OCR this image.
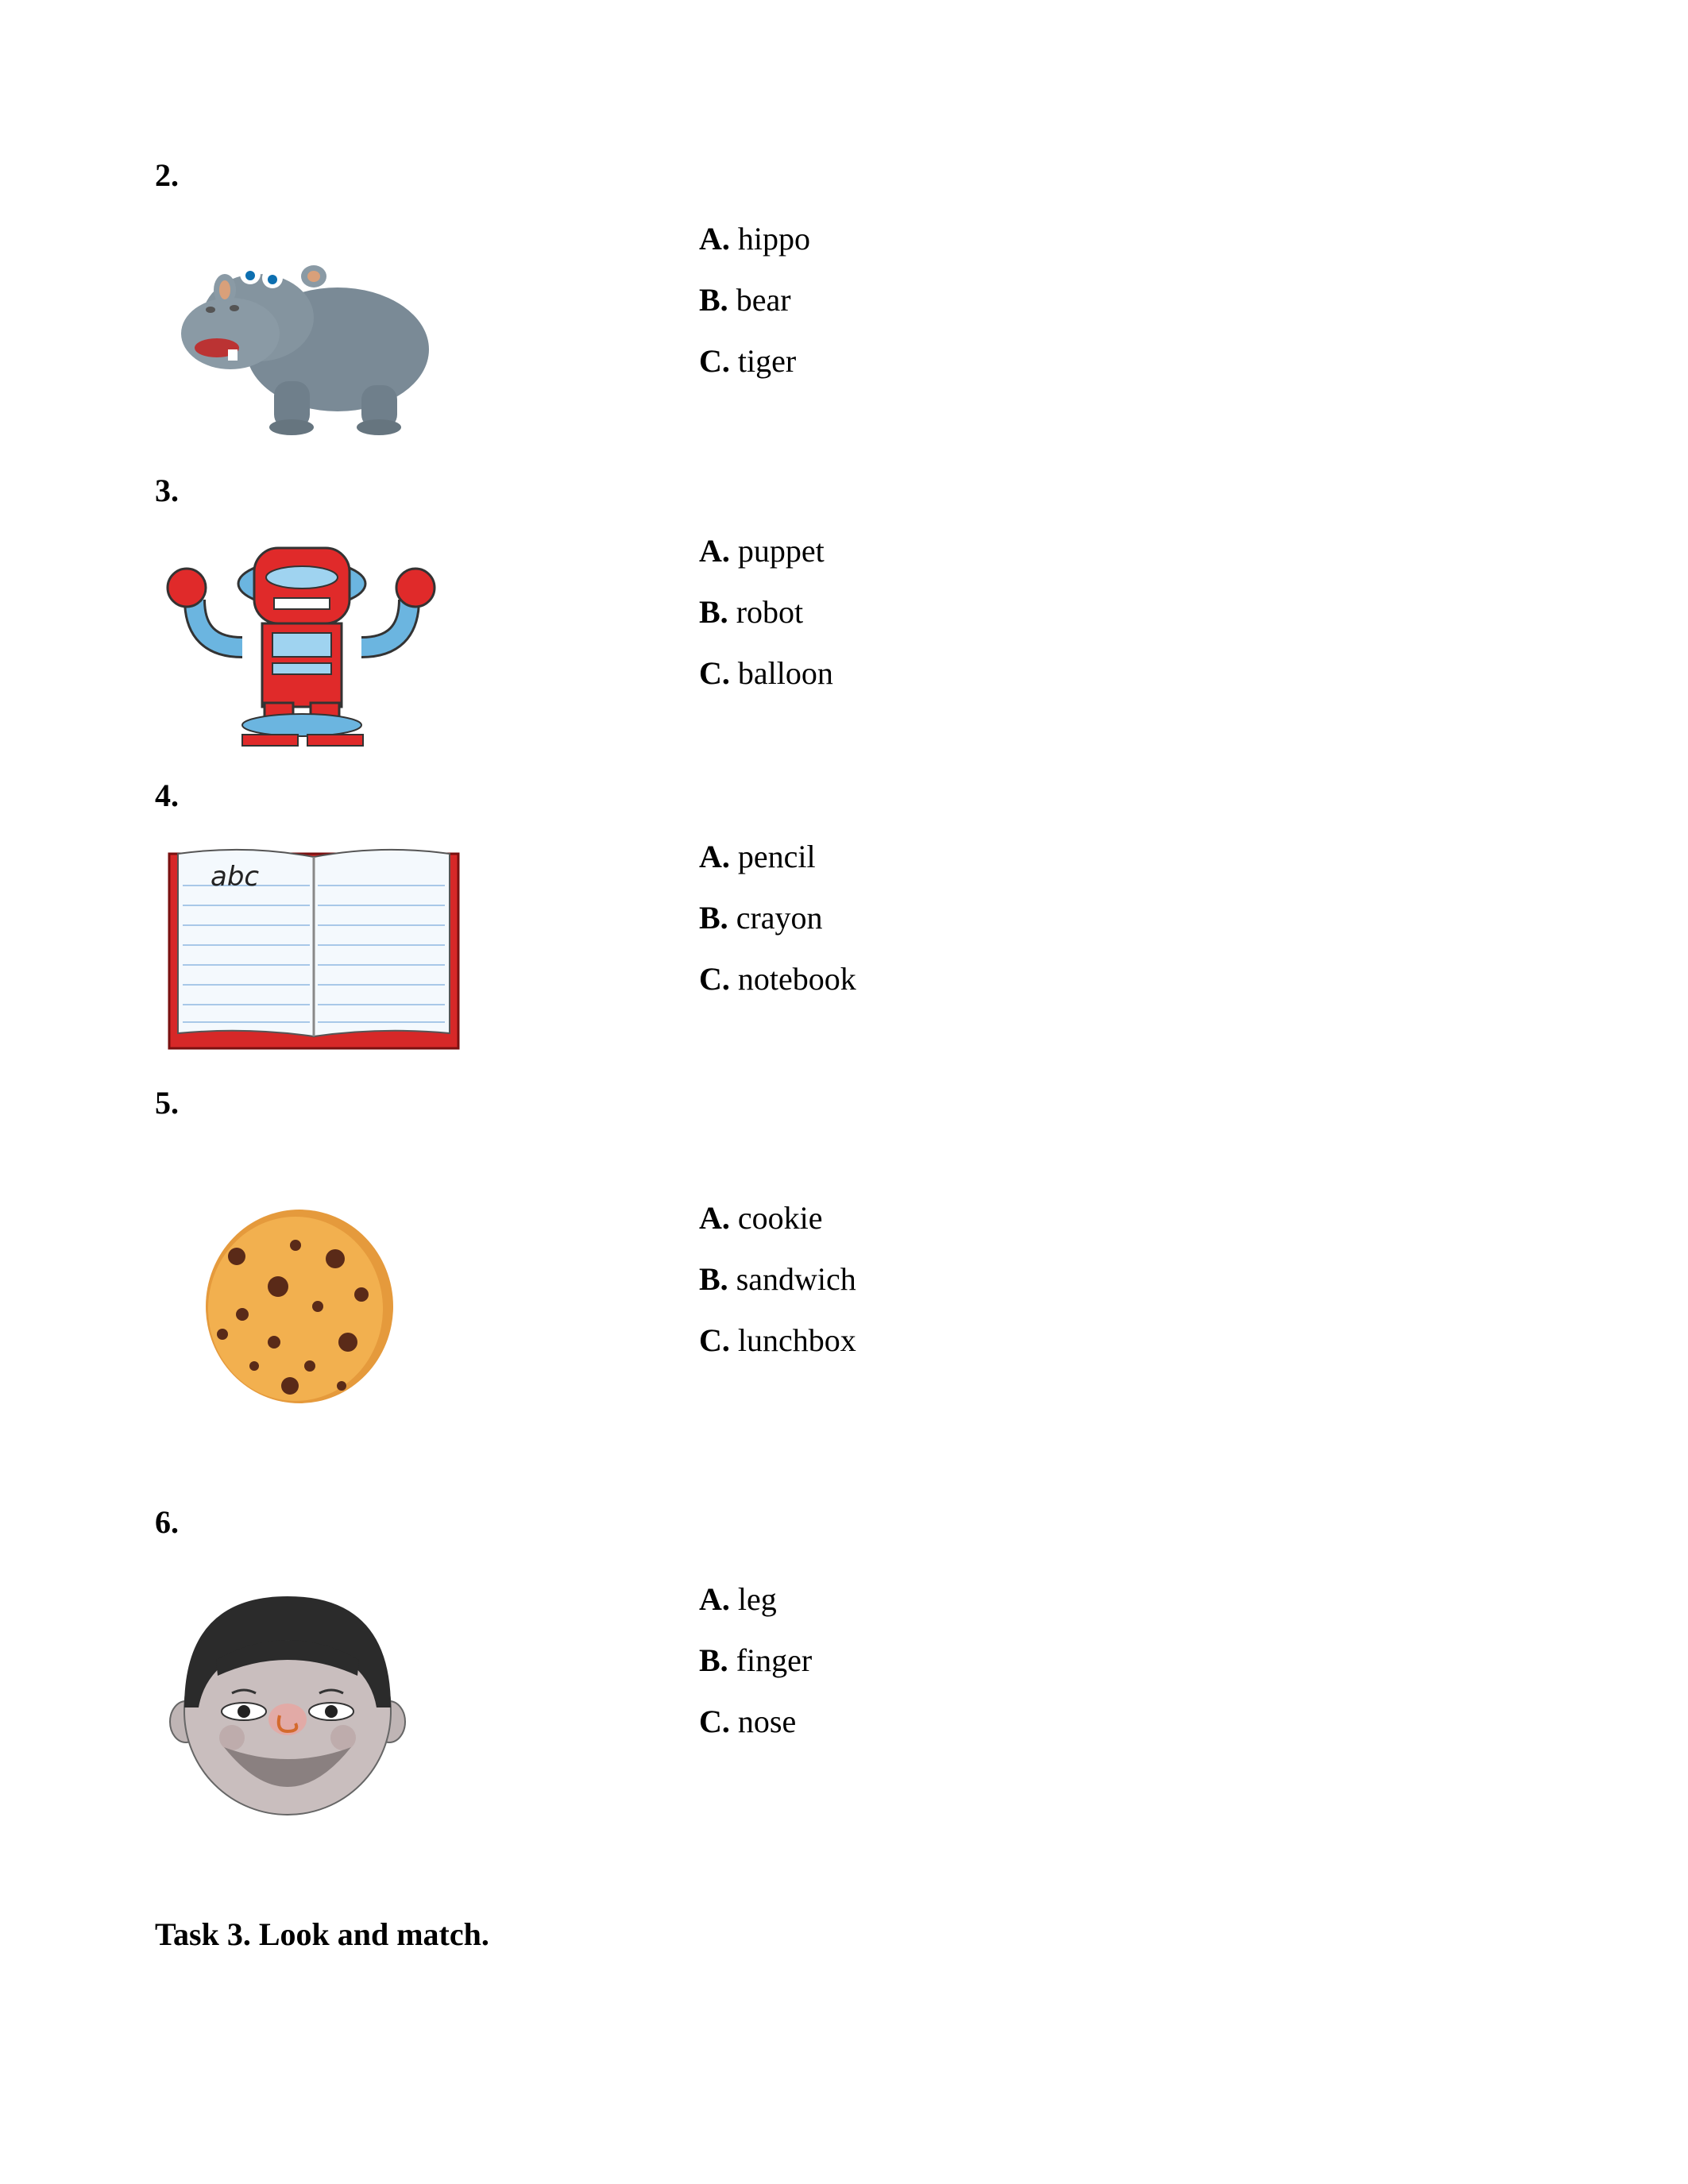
2.
A. hippo
B. bear
C. tiger
3.
A. puppet
B. robot
C. balloon
4.
abc
A. pencil
B. crayon
C. notebook
5.
A. cookie
B. sandwich
C. lunchbox
6.
A. leg
B. finger
C. nose
Task 3. Look and match.
